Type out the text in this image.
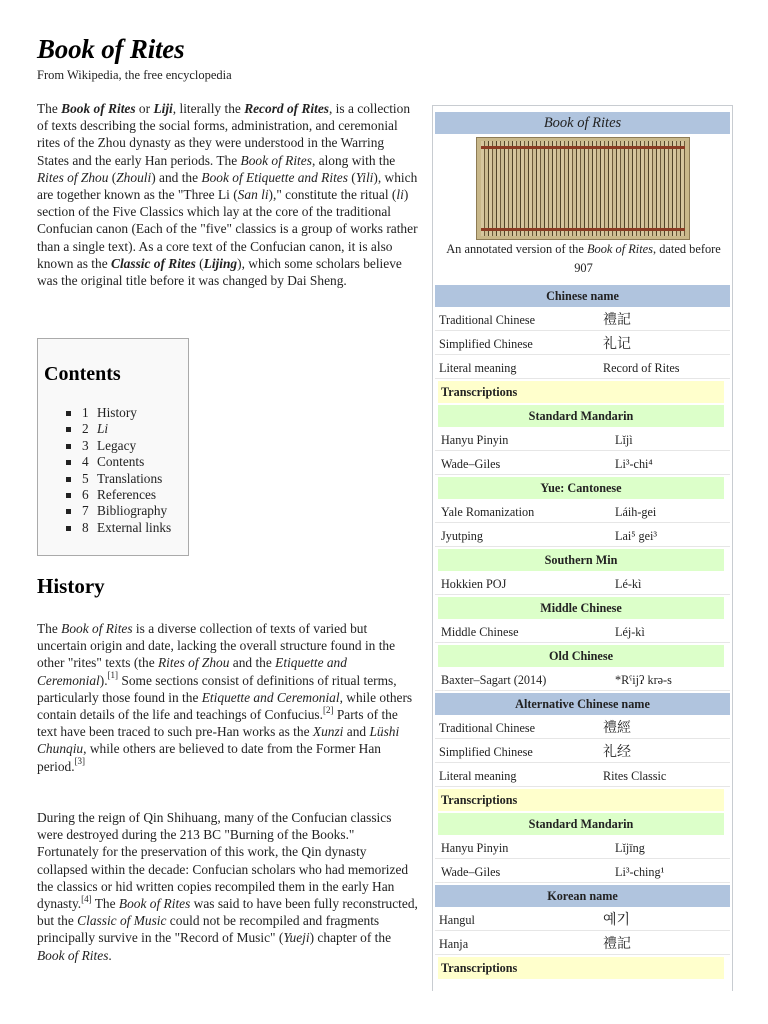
Book of Rites
From Wikipedia, the free encyclopedia

The Book of Rites or Liji, literally the Record of Rites, is a collection of texts describing the social forms, administration, and ceremonial rites of the Zhou dynasty as they were understood in the Warring States and the early Han periods. The Book of Rites, along with the Rites of Zhou (Zhouli) and the Book of Etiquette and Rites (Yili), which are together known as the "Three Li (San li)," constitute the ritual (li) section of the Five Classics which lay at the core of the traditional Confucian canon (Each of the "five" classics is a group of works rather than a single text). As a core text of the Confucian canon, it is also known as the Classic of Rites (Lijing), which some scholars believe was the original title before it was changed by Dai Sheng.

Contents
1 History
2 Li
3 Legacy
4 Contents
5 Translations
6 References
7 Bibliography
8 External links
History

The Book of Rites is a diverse collection of texts of varied but uncertain origin and date, lacking the overall structure found in the other "rites" texts (the Rites of Zhou and the Etiquette and Ceremonial).[1] Some sections consist of definitions of ritual terms, particularly those found in the Etiquette and Ceremonial, while others contain details of the life and teachings of Confucius.[2] Parts of the text have been traced to such pre-Han works as the Xunzi and Lüshi Chunqiu, while others are believed to date from the Former Han period.[3]

During the reign of Qin Shihuang, many of the Confucian classics were destroyed during the 213 BC "Burning of the Books." Fortunately for the preservation of this work, the Qin dynasty collapsed within the decade: Confucian scholars who had memorized the classics or hid written copies recompiled them in the early Han dynasty.[4] The Book of Rites was said to have been fully reconstructed, but the Classic of Music could not be recompiled and fragments principally survive in the "Record of Music" (Yueji) chapter of the Book of Rites.

Book of Rites
An annotated version of the Book of Rites, dated before 907
Chinese name
Traditional Chinese	禮記
Simplified Chinese	礼记
Literal meaning	Record of Rites
Transcriptions
Standard Mandarin
Hanyu Pinyin	Lǐjì
Wade–Giles	Li³-chi⁴
Yue: Cantonese
Yale Romanization	Láih-gei
Jyutping	Lai⁵ gei³
Southern Min
Hokkien POJ	Lé-kì
Middle Chinese
Middle Chinese	Léj-kì
Old Chinese
Baxter–Sagart (2014)	*Rˤijʔ krə-s
Alternative Chinese name
Traditional Chinese	禮經
Simplified Chinese	礼经
Literal meaning	Rites Classic
Transcriptions
Standard Mandarin
Hanyu Pinyin	Lǐjīng
Wade–Giles	Li³-ching¹
Korean name
Hangul	예기
Hanja	禮記
Transcriptions
